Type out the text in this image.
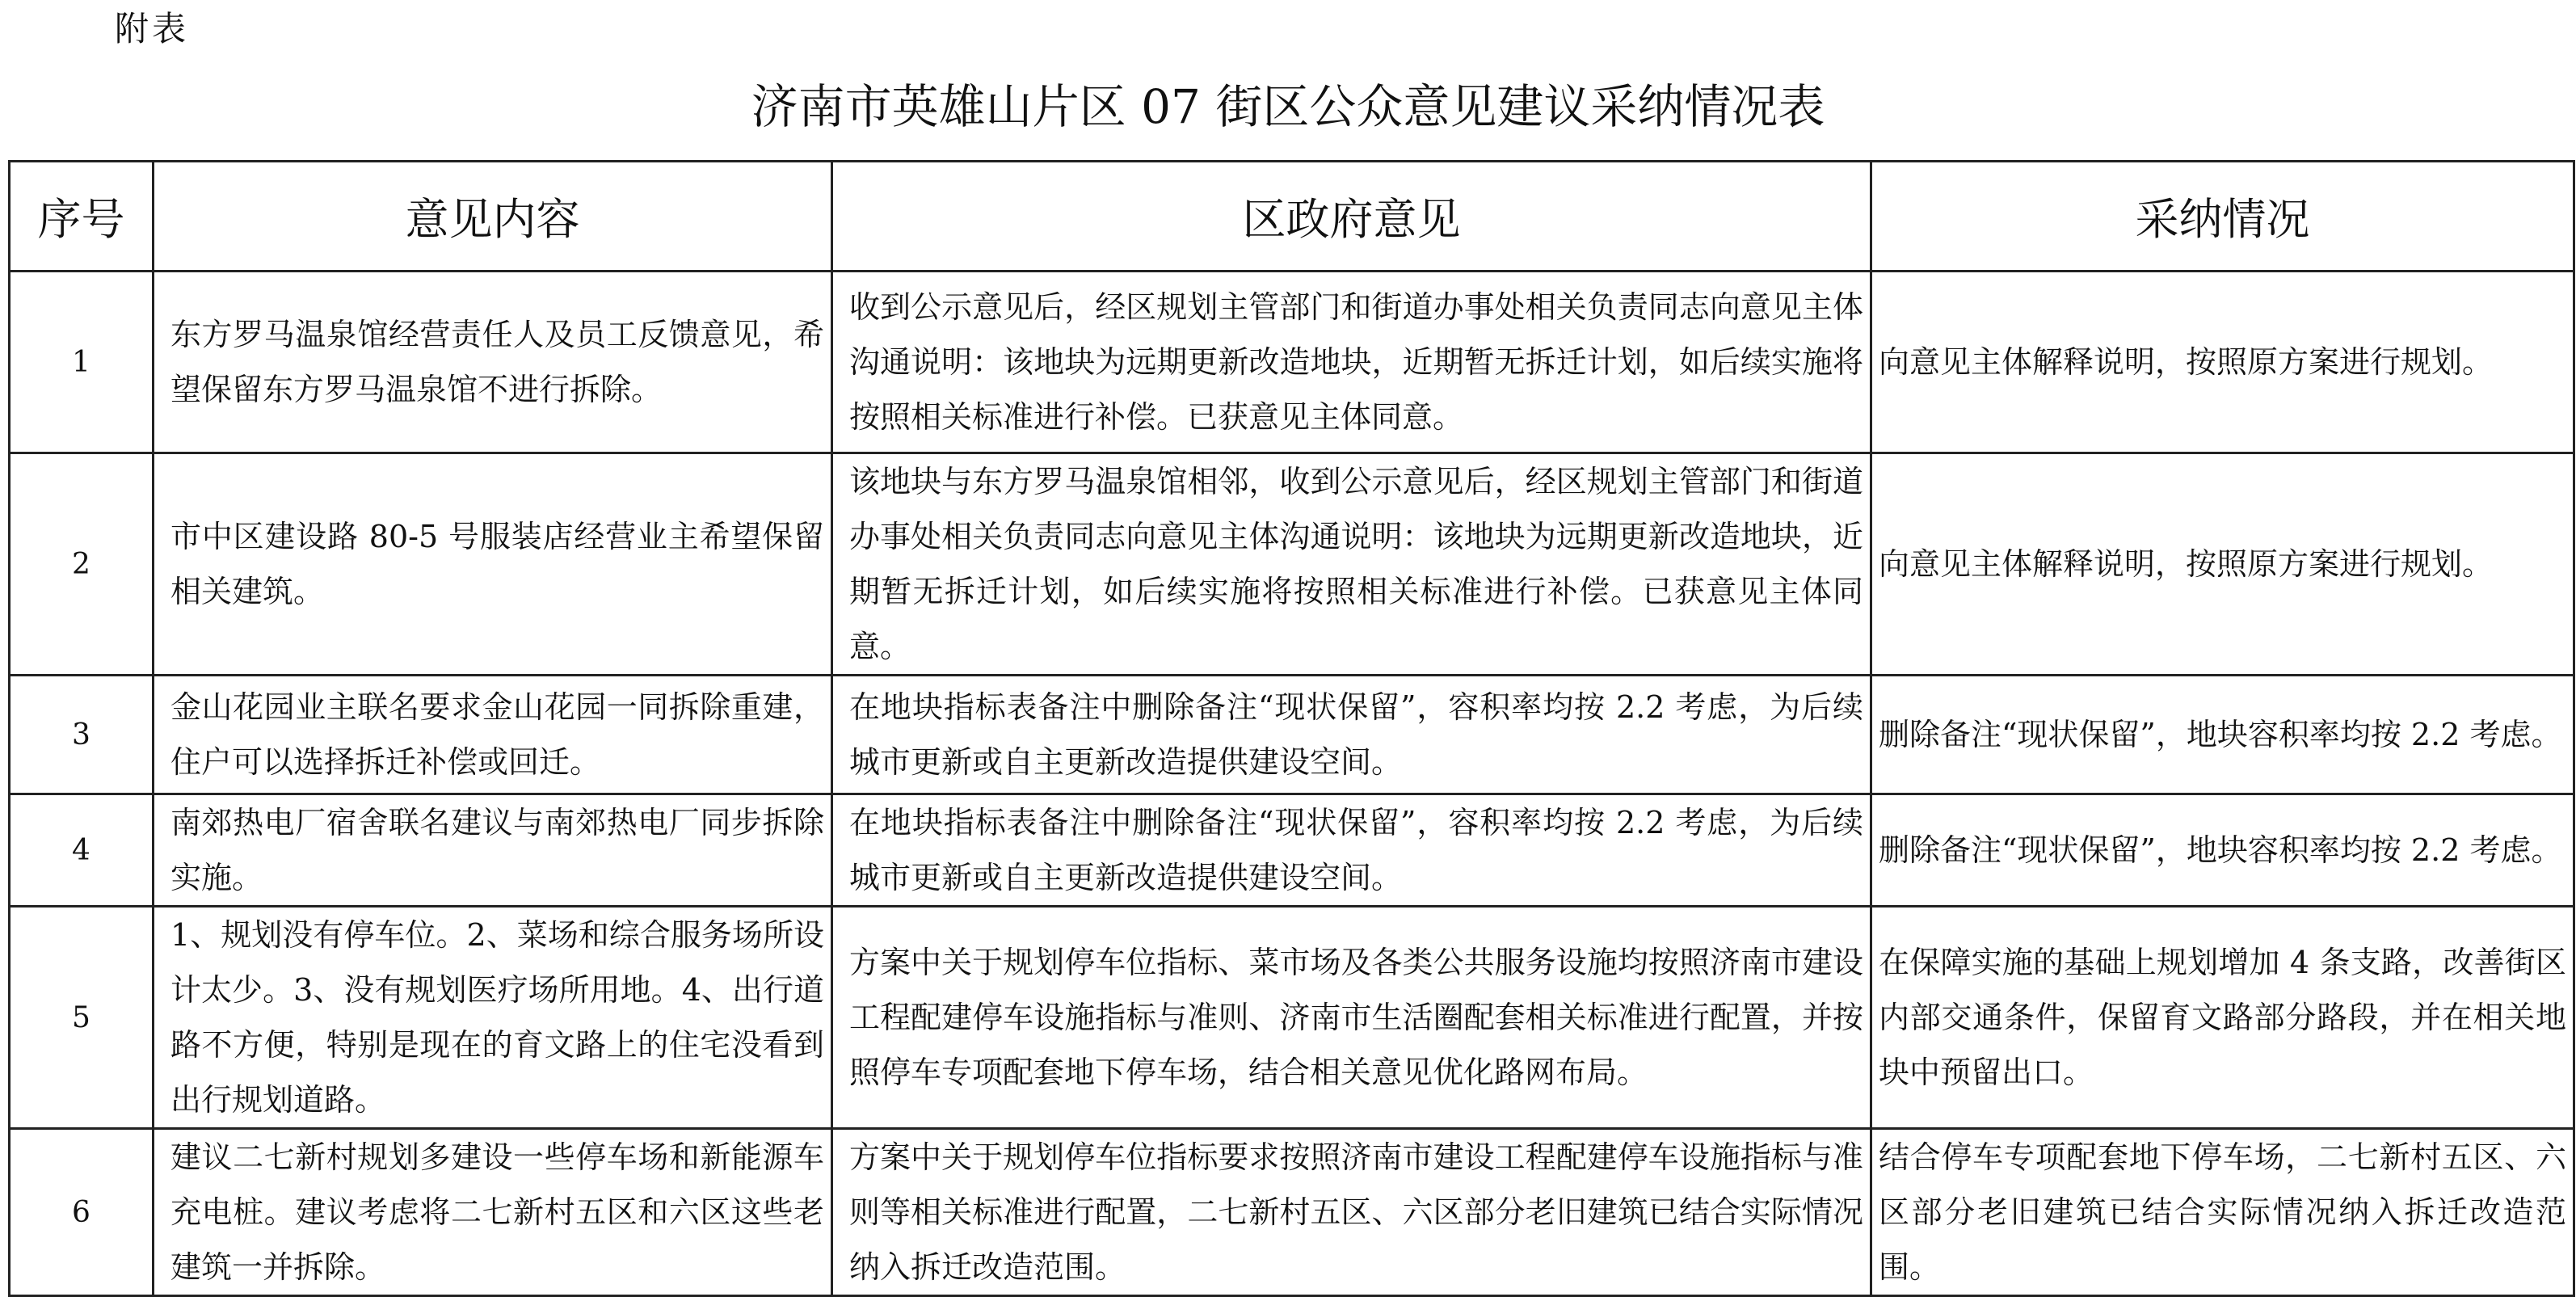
附表
济南市英雄山片区 07 街区公众意见建议采纳情况表
序号	意见内容	区政府意见	采纳情况
1	东方罗马温泉馆经营责任人及员工反馈意见，希望保留东方罗马温泉馆不进行拆除。	收到公示意见后，经区规划主管部门和街道办事处相关负责同志向意见主体沟通说明：该地块为远期更新改造地块，近期暂无拆迁计划，如后续实施将按照相关标准进行补偿。已获意见主体同意。	向意见主体解释说明，按照原方案进行规划。
2	市中区建设路 80-5 号服装店经营业主希望保留相关建筑。	该地块与东方罗马温泉馆相邻，收到公示意见后，经区规划主管部门和街道办事处相关负责同志向意见主体沟通说明：该地块为远期更新改造地块，近期暂无拆迁计划，如后续实施将按照相关标准进行补偿。已获意见主体同意。	向意见主体解释说明，按照原方案进行规划。
3	金山花园业主联名要求金山花园一同拆除重建，住户可以选择拆迁补偿或回迁。	在地块指标表备注中删除备注“现状保留”，容积率均按 2.2 考虑，为后续城市更新或自主更新改造提供建设空间。	删除备注“现状保留”，地块容积率均按 2.2 考虑。
4	南郊热电厂宿舍联名建议与南郊热电厂同步拆除实施。	在地块指标表备注中删除备注“现状保留”，容积率均按 2.2 考虑，为后续城市更新或自主更新改造提供建设空间。	删除备注“现状保留”，地块容积率均按 2.2 考虑。
5	1、规划没有停车位。2、菜场和综合服务场所设计太少。3、没有规划医疗场所用地。4、出行道路不方便，特别是现在的育文路上的住宅没看到出行规划道路。	方案中关于规划停车位指标、菜市场及各类公共服务设施均按照济南市建设工程配建停车设施指标与准则、济南市生活圈配套相关标准进行配置，并按照停车专项配套地下停车场，结合相关意见优化路网布局。	在保障实施的基础上规划增加 4 条支路，改善街区内部交通条件，保留育文路部分路段，并在相关地块中预留出口。
6	建议二七新村规划多建设一些停车场和新能源车充电桩。建议考虑将二七新村五区和六区这些老建筑一并拆除。	方案中关于规划停车位指标要求按照济南市建设工程配建停车设施指标与准则等相关标准进行配置，二七新村五区、六区部分老旧建筑已结合实际情况纳入拆迁改造范围。	结合停车专项配套地下停车场，二七新村五区、六区部分老旧建筑已结合实际情况纳入拆迁改造范围。
